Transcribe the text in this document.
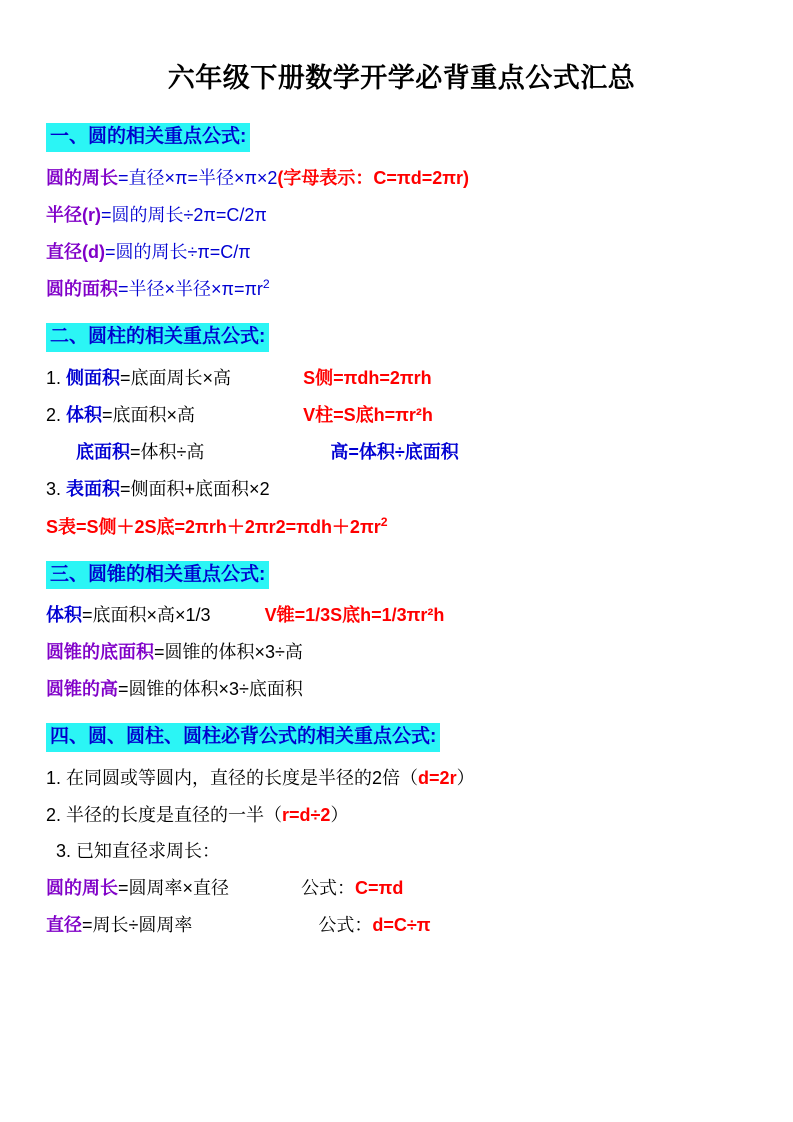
六年级下册数学开学必背重点公式汇总
一、圆的相关重点公式:
圆的周长=直径×π=半径×π×2(字母表示：C=πd=2πr)
半径(r)=圆的周长÷2π=C/2π
直径(d)=圆的周长÷π=C/π
圆的面积=半径×半径$\times\pi=\pi r^2$
二、圆柱的相关重点公式:
1. 侧面积=底面周长×高	S侧=πdh=2πrh
2. 体积=底面积×高	V柱=S底h=πr²h
底面积=体积÷高	高=体积÷底面积
3. 表面积=侧面积+底面积×2
S表=S侧＋2S底$=2\pi rh+2\pi r2=\pi dh+2\pi r^2$
三、圆锥的相关重点公式:
体积=底面积×高×1/3	V锥=1/3S底h=1/3πr²h
圆锥的底面积=圆锥的体积×3÷高
圆锥的高=圆锥的体积×3÷底面积
四、圆、圆柱、圆柱必背公式的相关重点公式:
1. 在同圆或等圆内，直径的长度是半径的2倍（d=2r）
2. 半径的长度是直径的一半（r=d÷2）
3. 已知直径求周长：
圆的周长=圆周率×直径	公式：C=πd
直径=周长÷圆周率	公式：d=C÷π
